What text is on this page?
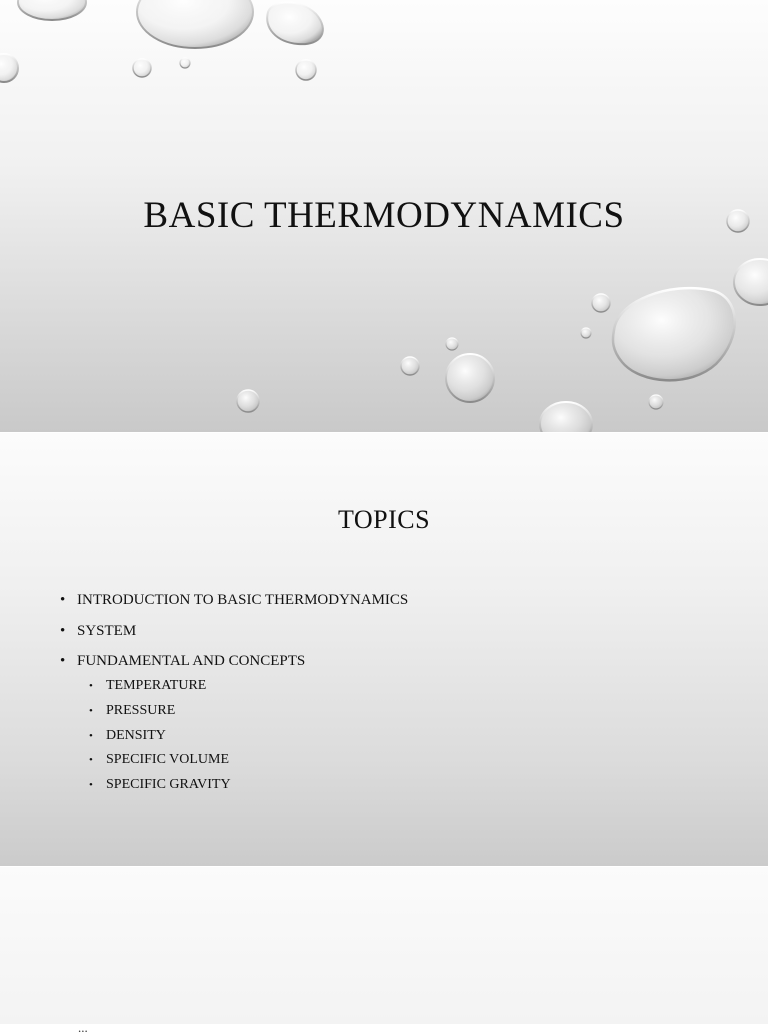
BASIC THERMODYNAMICS
TOPICS
• INTRODUCTION TO BASIC THERMODYNAMICS
• SYSTEM
• FUNDAMENTAL AND CONCEPTS
• TEMPERATURE
• PRESSURE
• DENSITY
• SPECIFIC VOLUME
• SPECIFIC GRAVITY
...
